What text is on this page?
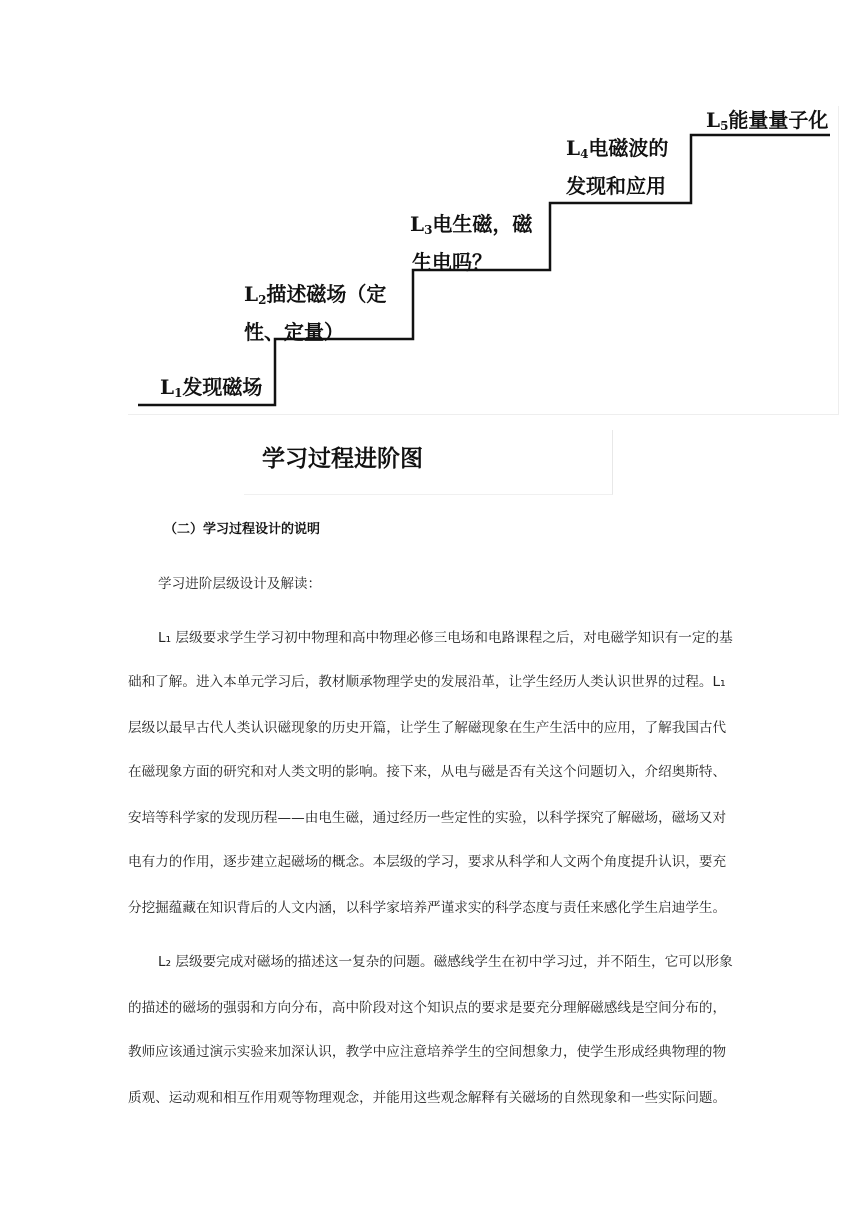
$L_1$发现磁场
$L_2$描述磁场（定
性、定量）
$L_3$电生磁，磁
生电吗？
$L_4$电磁波的
发现和应用
$L_5$能量量子化
学习过程进阶图
（二）学习过程设计的说明
学习进阶层级设计及解读：
L₁ 层级要求学生学习初中物理和高中物理必修三电场和电路课程之后，对电磁学知识有一定的基
础和了解。进入本单元学习后，教材顺承物理学史的发展沿革，让学生经历人类认识世界的过程。L₁
层级以最早古代人类认识磁现象的历史开篇，让学生了解磁现象在生产生活中的应用，了解我国古代
在磁现象方面的研究和对人类文明的影响。接下来，从电与磁是否有关这个问题切入，介绍奥斯特、
安培等科学家的发现历程——由电生磁，通过经历一些定性的实验，以科学探究了解磁场，磁场又对
电有力的作用，逐步建立起磁场的概念。本层级的学习，要求从科学和人文两个角度提升认识，要充
分挖掘蕴藏在知识背后的人文内涵，以科学家培养严谨求实的科学态度与责任来感化学生启迪学生。
L₂ 层级要完成对磁场的描述这一复杂的问题。磁感线学生在初中学习过，并不陌生，它可以形象
的描述的磁场的强弱和方向分布，高中阶段对这个知识点的要求是要充分理解磁感线是空间分布的，
教师应该通过演示实验来加深认识，教学中应注意培养学生的空间想象力，使学生形成经典物理的物
质观、运动观和相互作用观等物理观念，并能用这些观念解释有关磁场的自然现象和一些实际问题。
